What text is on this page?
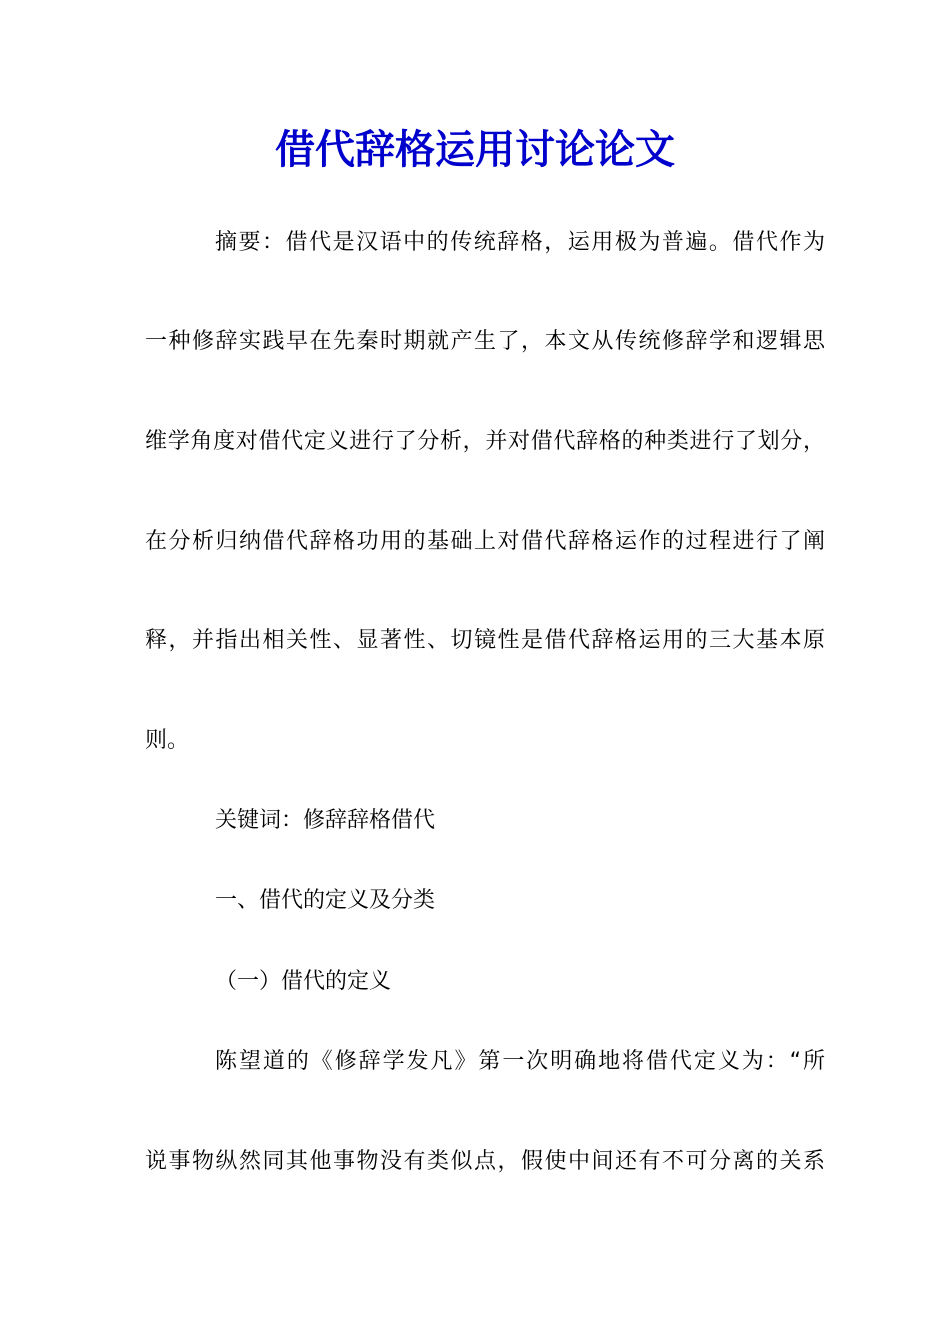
借代辞格运用讨论论文

摘要：借代是汉语中的传统辞格，运用极为普遍。借代作为

一种修辞实践早在先秦时期就产生了，本文从传统修辞学和逻辑思

维学角度对借代定义进行了分析，并对借代辞格的种类进行了划分，

在分析归纳借代辞格功用的基础上对借代辞格运作的过程进行了阐

释，并指出相关性、显著性、切镜性是借代辞格运用的三大基本原

则。

关键词：修辞辞格借代

一、借代的定义及分类

（一）借代的定义

陈望道的《修辞学发凡》第一次明确地将借代定义为：“所

说事物纵然同其他事物没有类似点，假使中间还有不可分离的关系
